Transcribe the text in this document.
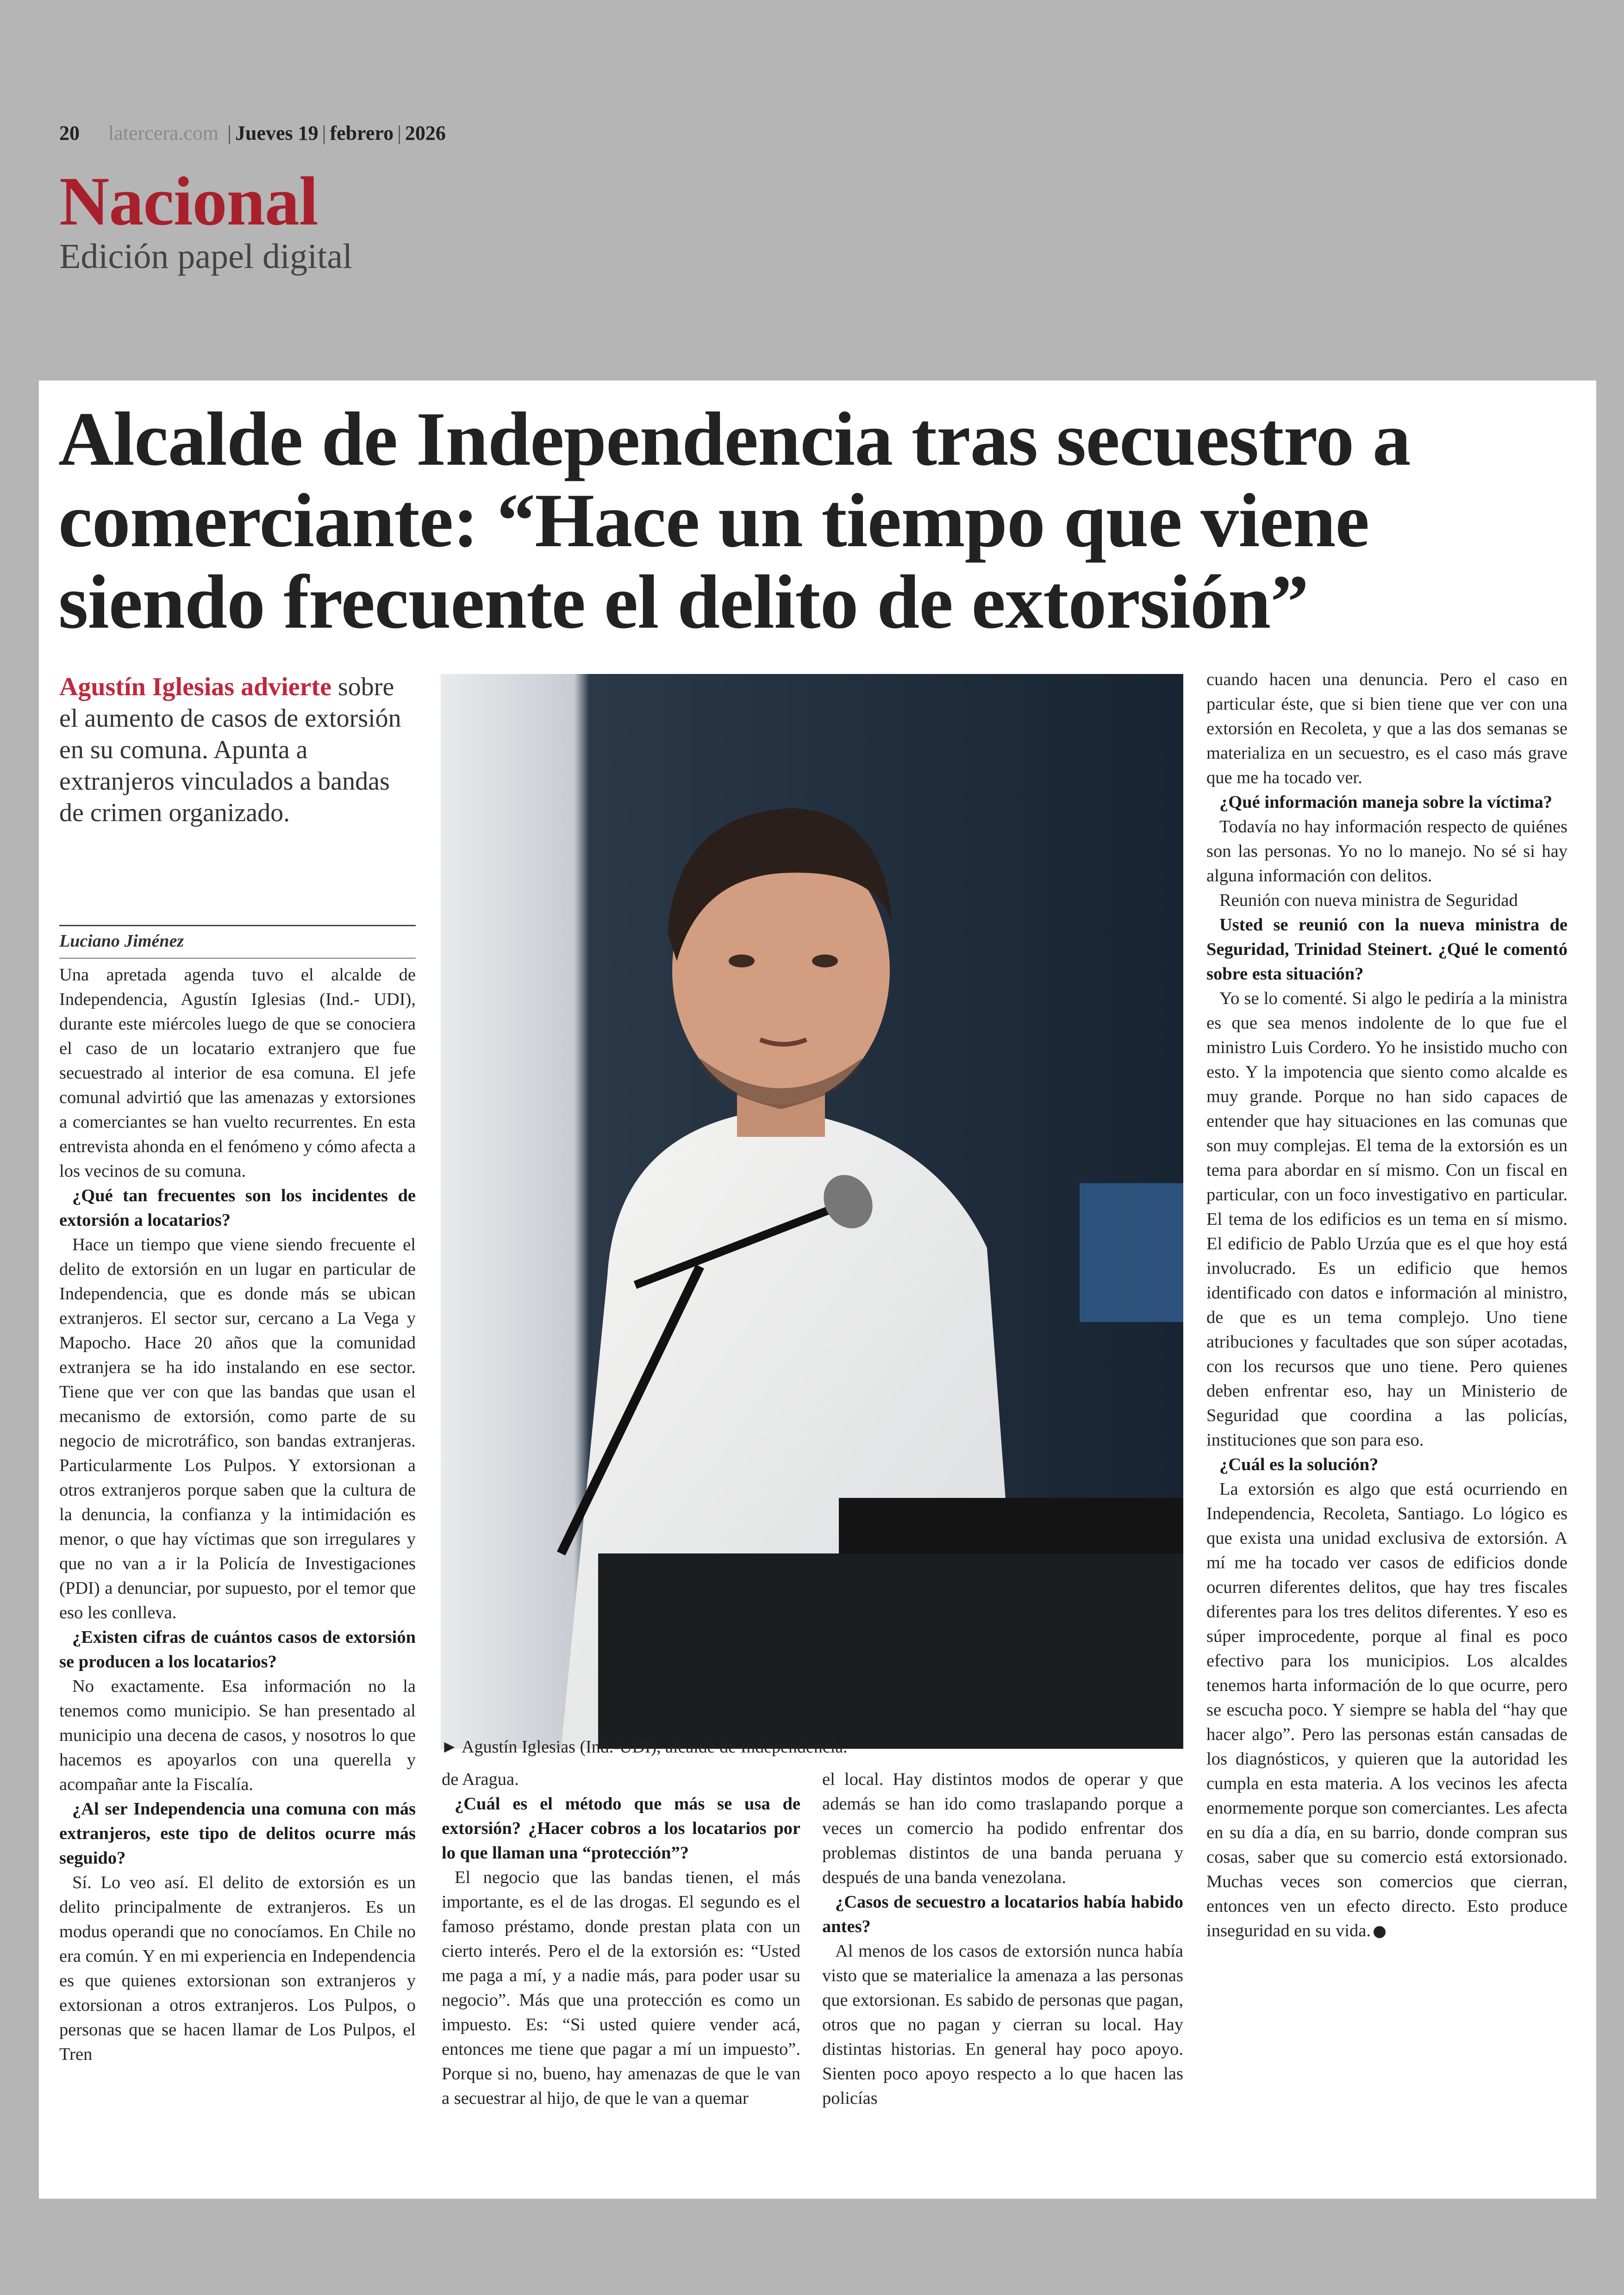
20 latercera.com | Jueves 19 | febrero | 2026
Nacional
Edición papel digital
Alcalde de Independencia tras secuestro a comerciante: “Hace un tiempo que viene siendo frecuente el delito de extorsión”
Agustín Iglesias advierte sobre el aumento de casos de extorsión en su comuna. Apunta a extranjeros vinculados a bandas de crimen organizado.
Luciano Jiménez

Una apretada agenda tuvo el alcalde de Independencia, Agustín Iglesias (Ind.- UDI), durante este miércoles luego de que se conociera el caso de un locatario extranjero que fue secuestrado al interior de esa comuna. El jefe comunal advirtió que las amenazas y extorsiones a comerciantes se han vuelto recurrentes. En esta entrevista ahonda en el fenómeno y cómo afecta a los vecinos de su comuna.

¿Qué tan frecuentes son los incidentes de extorsión a locatarios?

Hace un tiempo que viene siendo frecuente el delito de extorsión en un lugar en particular de Independencia, que es donde más se ubican extranjeros. El sector sur, cercano a La Vega y Mapocho. Hace 20 años que la comunidad extranjera se ha ido instalando en ese sector. Tiene que ver con que las bandas que usan el mecanismo de extorsión, como parte de su negocio de microtráfico, son bandas extranjeras. Particularmente Los Pulpos. Y extorsionan a otros extranjeros porque saben que la cultura de la denuncia, la confianza y la intimidación es menor, o que hay víctimas que son irregulares y que no van a ir la Policía de Investigaciones (PDI) a denunciar, por supuesto, por el temor que eso les conlleva.

¿Existen cifras de cuántos casos de extorsión se producen a los locatarios?

No exactamente. Esa información no la tenemos como municipio. Se han presentado al municipio una decena de casos, y nosotros lo que hacemos es apoyarlos con una querella y acompañar ante la Fiscalía.

¿Al ser Independencia una comuna con más extranjeros, este tipo de delitos ocurre más seguido?

Sí. Lo veo así. El delito de extorsión es un delito principalmente de extranjeros. Es un modus operandi que no conocíamos. En Chile no era común. Y en mi experiencia en Independencia es que quienes extorsionan son extranjeros y extorsionan a otros extranjeros. Los Pulpos, o personas que se hacen llamar de Los Pulpos, el Tren

► Agustín Iglesias (Ind.-UDI), alcalde de Independencia.

de Aragua.

¿Cuál es el método que más se usa de extorsión? ¿Hacer cobros a los locatarios por lo que llaman una “protección”?

El negocio que las bandas tienen, el más importante, es el de las drogas. El segundo es el famoso préstamo, donde prestan plata con un cierto interés. Pero el de la extorsión es: “Usted me paga a mí, y a nadie más, para poder usar su negocio”. Más que una protección es como un impuesto. Es: “Si usted quiere vender acá, entonces me tiene que pagar a mí un impuesto”. Porque si no, bueno, hay amenazas de que le van a secuestrar al hijo, de que le van a quemar

el local. Hay distintos modos de operar y que además se han ido como traslapando porque a veces un comercio ha podido enfrentar dos problemas distintos de una banda peruana y después de una banda venezolana.

¿Casos de secuestro a locatarios había habido antes?

Al menos de los casos de extorsión nunca había visto que se materialice la amenaza a las personas que extorsionan. Es sabido de personas que pagan, otros que no pagan y cierran su local. Hay distintas historias. En general hay poco apoyo. Sienten poco apoyo respecto a lo que hacen las policías

cuando hacen una denuncia. Pero el caso en particular éste, que si bien tiene que ver con una extorsión en Recoleta, y que a las dos semanas se materializa en un secuestro, es el caso más grave que me ha tocado ver.

¿Qué información maneja sobre la víctima?

Todavía no hay información respecto de quiénes son las personas. Yo no lo manejo. No sé si hay alguna información con delitos.

Reunión con nueva ministra de Seguridad

Usted se reunió con la nueva ministra de Seguridad, Trinidad Steinert. ¿Qué le comentó sobre esta situación?

Yo se lo comenté. Si algo le pediría a la ministra es que sea menos indolente de lo que fue el ministro Luis Cordero. Yo he insistido mucho con esto. Y la impotencia que siento como alcalde es muy grande. Porque no han sido capaces de entender que hay situaciones en las comunas que son muy complejas. El tema de la extorsión es un tema para abordar en sí mismo. Con un fiscal en particular, con un foco investigativo en particular. El tema de los edificios es un tema en sí mismo. El edificio de Pablo Urzúa que es el que hoy está involucrado. Es un edificio que hemos identificado con datos e información al ministro, de que es un tema complejo. Uno tiene atribuciones y facultades que son súper acotadas, con los recursos que uno tiene. Pero quienes deben enfrentar eso, hay un Ministerio de Seguridad que coordina a las policías, instituciones que son para eso.

¿Cuál es la solución?

La extorsión es algo que está ocurriendo en Independencia, Recoleta, Santiago. Lo lógico es que exista una unidad exclusiva de extorsión. A mí me ha tocado ver casos de edificios donde ocurren diferentes delitos, que hay tres fiscales diferentes para los tres delitos diferentes. Y eso es súper improcedente, porque al final es poco efectivo para los municipios. Los alcaldes tenemos harta información de lo que ocurre, pero se escucha poco. Y siempre se habla del “hay que hacer algo”. Pero las personas están cansadas de los diagnósticos, y quieren que la autoridad les cumpla en esta materia. A los vecinos les afecta enormemente porque son comerciantes. Les afecta en su día a día, en su barrio, donde compran sus cosas, saber que su comercio está extorsionado. Muchas veces son comercios que cierran, entonces ven un efecto directo. Esto produce inseguridad en su vida.
